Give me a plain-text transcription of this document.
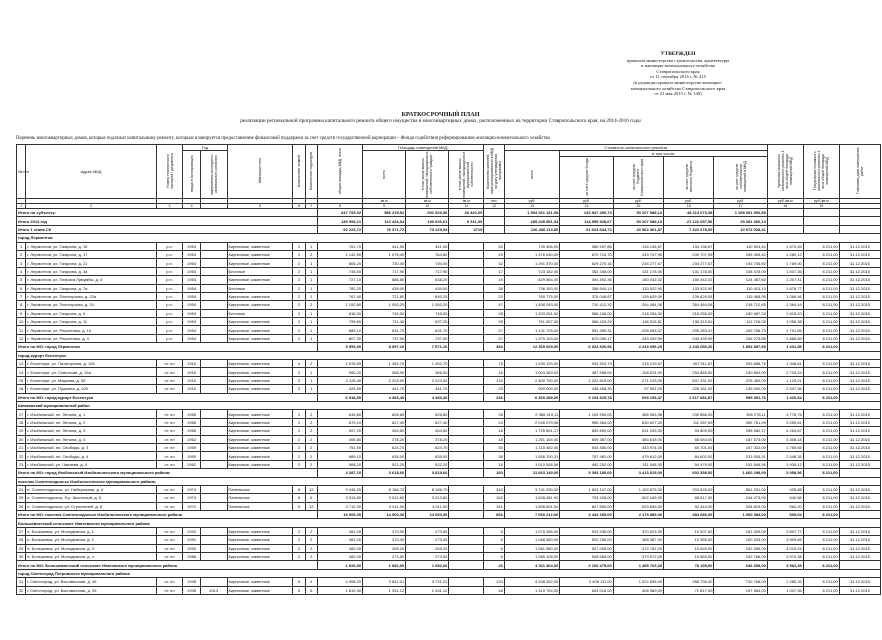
УТВЕРЖДЕН
приказом министерства строительства, архитектуры
и жилищно-коммунального хозяйства
Ставропольского края
от 11 сентября 2014 г. № 415
(в редакции приказа министерства жилищно-
коммунального хозяйства Ставропольского края
от 21 мая 2015 г. № 140)
КРАТКОСРОЧНЫЙ ПЛАН
реализации региональной программы капитального ремонта общего имущества в многоквартирных домах, расположенных на территории Ставропольского края, на 2014-2016 годы
Перечень многоквартирных домов, которые подлежат капитальному ремонту, которым планируется предоставление финансовой поддержки за счет средств государственной корпорации – Фонда содействия реформированию жилищно-коммунального хозяйства
№ п/п	Адрес МКД	Номер технического паспорта / документа	Год		Материал стен	Количество этажей	Количество подъездов	общая площадь МКД, всего	Площадь помещений МКД:			Количество жителей, зарегистрированных в МКД на дату утверждения программы	Стоимость капитального ремонта					Удельная стоимость капитального ремонта 1 кв.м общей площади помещений МКД	Предельная стоимость капитального ремонта 1 кв.м общей площади помещений МКД	Плановая дата завершения работ
			ввода в эксплуатацию	завершения последнего капитального ремонта					всего	в том числе жилых помещений, находящихся в собственности граждан	в том числе жилых помещений, находящихся в муниципальной собственности		всего	в том числе:						
														за счет средств Фонда	за счет средств бюджета Ставропольского края	за счет средств местного бюджета	за счет средств собственников помещений в МКД			
									кв.м	кв.м	кв.м	чел.	руб.	руб.	руб.	руб.	руб.	руб./кв.м	руб./кв.м	
1	2	3	4		5	6	7	8	9	10	11	12	13	14	15	16	17	18	19	
Итого по субъекту:								647 753,92	586 215,52	531 529,96	26 420,00		1 594 261 121,98	133 847 400,74	53 207 088,13	48 114 073,38	1 199 091 900,85			
Итого 2014 год								135 954,21	112 424,04	100 626,61	6 311,00		285 209 851,34	114 599 928,67	53 207 088,13	21 122 057,56	25 281 260,14			
Итого 1 этапа СК								92 223,72	76 371,72	73 129,93	3719		126 480 113,80	61 623 644,73	20 562 401,87	7 322 078,00	10 972 028,41			
город Лермонтов																				
1	г. Лермонтов, ул. Гагарина, д. 15	р.п.	1954		Кирпичные, каменные	2	1	761,70	441,90	441,90		52	739 496,00	360 297,86	134 136,87	134 136,87	110 924,40	1 673,45	8 211,00	31.12.2015
2	г. Лермонтов, ул. Гагарина, д. 17	р.п.	1954		Кирпичные, каменные	2	2	1 142,90	1 075,40	764,80		49	1 376 630,00	670 724,70	249 707,95	249 707,95	206 495,40	1 280,12	8 211,00	31.12.2015
3	г. Лермонтов, ул. Гагарина, д. 21	р.п.	1954		Кирпичные, каменные	2	1	806,20	730,00	730,00		32	1 291 370,00	629 270,16	234 277,67	234 277,67	193 735,50	1 769,00	8 211,00	31.12.2015
4	г. Лермонтов, ул. Гагарина, д. 3а	р.п.	1954		Блочные	2	1	745,50	717,90	717,90		17	723 182,00	352 348,00	131 178,00	131 178,00	108 478,00	1 007,35	8 211,00	31.12.2015
5	г. Лермонтов, ул. Патриса Лумумбы, д. 4	р.п.	1954		Кирпичные, каменные	2	1	727,10	686,80	638,20		19	829 564,00	404 492,36	150 442,02	150 442,02	124 487,60	1 207,41	8 211,00	31.12.2015
6	г. Лермонтов, ул. Гагарина, д. 7а	р.п.	1954		Блочные	2	1	782,20	439,00	439,00		38	736 153,00	358 644,14	133 522,90	133 522,90	110 413,10	1 676,77	8 211,00	31.12.2015
7	г. Лермонтов, ул. Пятигорская, д. 22а	р.п.	1954		Кирпичные, каменные	2	1	767,40	721,80	640,25		23	769 775,00	375 048,87	139 629,09	139 629,09	115 468,95	1 066,46	8 211,00	31.12.2015
8	г. Лермонтов, ул. Пятигорская, д. 24	р.п.	1954		Кирпичные, каменные	2	2	1 152,80	1 053,20	1 053,20		47	1 458 093,00	710 412,32	264 484,06	264 484,06	218 712,65	1 384,44	8 211,00	31.12.2015
9	г. Лермонтов, ул. Гагарина, д. 9	р.п.	1954		Блочные	2	1	816,00	745,00	745,00		28	1 203 251,00	586 248,00	218 256,00	218 256,00	180 487,20	1 615,10	8 211,00	31.12.2015
10	г. Лермонтов, ул. Гагарина, д. 11	р.п.	1954		Кирпичные, каменные	2	1	799,60	711,40	637,20		26	751 507,00	366 429,29	136 315,81	136 315,81	112 726,05	1 056,38	8 211,00	31.12.2015
11	г. Лермонтов, ул. Решетника, д. 10	р.п.	1954		Кирпичные, каменные	2	1	689,10	631,70	631,70		27	1 131 725,00	551 399,31	205 283,47	205 283,47	169 758,75	1 791,55	8 211,00	31.12.2015
12	г. Лермонтов, ул. Решетника, д. 4	р.п.	1954		Кирпичные, каменные	2	1	807,30	737,00	737,00		27	1 375 103,00	670 055,17	249 439,99	249 439,99	206 273,85	1 866,69	8 211,00	31.12.2015
Итого по МО: город Лермонтов								9 954,90	8 597,10	7 571,10		382	12 365 929,00	6 024 920,96	2 243 056,20	2 243 056,20	1 854 887,65	1 431,85	8 211,00	
город-курорт Ессентуки																				
13	г. Ессентуки, ул. Пятигорская, д. 128	ст. пл	1916		Кирпичные, каменные	4	2	1 978,90	1 452,70	1 452,70		75	1 939 129,00	934 524,79	215 219,67	497 511,87	293 888,76	1 348,61	8 211,00	31.12.2015
14	г. Ессентуки, ул. Советская, д. 15а	ст. пл	1916		Кирпичные, каменные	3	1	550,20	366,00	366,00		16	1 003 363,00	487 598,00	108 874,00	254 889,00	150 854,00	2 733,24	8 211,00	31.12.2015
15	г. Ессентуки, ул. Маркова, д. 55	ст. пл	1916		Кирпичные, каменные	3	1	3 125,40	2 223,00	2 223,00		132	2 509 790,00	1 222 819,00	271 133,00	637 331,00	376 460,00	1 129,01	8 211,00	31.12.2015
16	г. Ессентуки, ул. Пушкина, д. 100	ст. пл	1916		Кирпичные, каменные	3	1	425,50	441,70	441,70		23	900 000,00	438 498,30	97 951,00	228 151,00	135 000,00	2 037,36	8 211,00	31.12.2015
Итого по МО: город-курорт Ессентуки								6 518,00	4 483,40	4 483,40		246	6 369 289,00	3 103 329,78	693 195,47	1 617 881,87	955 391,76	1 420,64	8 211,00	
Шпаковский муниципальный район																				
17	г. Изобильный, пл. Ленина, д. 1	ст. пл	1956		Кирпичные, каменные	2	2	645,80	626,80	626,80		26	2 368 319,11	1 153 990,05	386 063,98	239 888,00	355 278,11	3 778,75	8 211,00	31.12.2015
18	г. Изобильный, пл. Ленина, д. 2	ст. пл	1956		Кирпичные, каменные	2	2	679,10	627,40	627,40		24	2 045 079,98	996 464,00	630 627,00	111 287,00	306 761,99	3 259,61	8 211,00	31.12.2015
19	г. Изобильный, пл. Ленина, д. 3	ст. пл	1956		Кирпичные, каменные	2	2	597,20	454,50	454,50		18	1 725 801,17	839 899,00	531 203,00	93 809,00	258 582,17	4 263,87	8 211,00	31.12.2015
20	г. Изобильный, пл. Ленина, д. 4	ст. пл	1962		Кирпичные, каменные	2	2	405,80	378,20	378,20		18	1 251 154,00	609 387,00	383 618,00	68 084,00	187 673,00	3 308,18	8 211,00	31.12.2015
21	г. Изобильный, пл. Свободы, д. 3	ст. пл	1959		Кирпичные, каменные	2	2	751,90	624,70	624,70		30	1 115 482,00	543 485,00	343 974,00	60 701,00	167 332,00	1 785,65	8 211,00	31.12.2015
22	г. Изобильный, пл. Свободы, д. 4	ст. пл	1959		Кирпичные, каменные	2	2	689,10	635,00	635,00		38	1 556 700,31	757 481,00	479 612,00	84 602,00	233 505,31	2 448,35	8 211,00	31.12.2015
23	г. Изобильный, ул. Чапаева, д. 4	ст. пл	1962		Кирпичные, каменные	2	2	568,20	522,20	522,20		16	1 010 526,56	492 252,00	311 548,00	54 979,00	151 549,56	1 935,13	8 211,00	31.12.2015
Итого по МО: город Изобильный Изобильненского муниципального района:								4 287,10	3 618,60	3 618,60		160	11 063 145,00	5 393 180,00	3 413 515,00	602 358,00	1 660 298,00	3 058,96	8 211,00	
поселок Солнечнодольск Изобильненского муниципального района:																				
24	п. Солнечнодольск, ул. Набережная, д. 6	ст. пл	1974		Панельные	5	12	9 445,20	8 186,70	8 186,70		343	3 741 930,00	1 823 147,00	1 153 875,00	203 625,00	561 291,00	435,88	8 211,00	31.12.2015
25	п. Солнечнодольск, б-р. Школьный, д. 5	ст. пл	1974		Панельные	5	6	3 513,80	3 012,60	3 012,60		162	1 628 481,00	793 428,00	502 165,00	88 617,00	244 273,00	540,56	8 211,00	31.12.2015
26	п. Солнечнодольск, ул. Строителей, д. 8	ст. пл	1972		Панельные	5	12	3 712,30	3 011,00	3 011,00		161	1 698 801,00	827 690,00	523 849,00	92 444,00	254 819,00	564,20	8 211,00	31.12.2015
Итого по МО: поселок Солнечнодольск Изобильненского муниципального района								16 909,30	14 000,30	14 000,30		666	7 069 212,00	3 444 265,00	2 179 889,00	384 686,00	1 060 383,00	505,04	8 211,00	
Большевистский сельсовет Ипатовского муниципального района																				
27	п. Большевик, ул. Молодежная, д. 1	ст. пл	1992		Кирпичные, каменные	2	2	481,00	273,90	273,90		8	1 075 356,00	523 935,00	370 623,00	19 507,00	161 309,00	3 897,77	8 211,00	31.12.2015
28	п. Большевик, ул. Молодежная, д. 2	ст. пл	1991		Кирпичные, каменные	2	2	481,00	273,40	273,40		6	1 068 960,00	520 780,00	368 387,00	19 389,00	160 333,00	3 909,66	8 211,00	31.12.2015
29	п. Большевик, ул. Молодежная, д. 3	ст. пл	1992		Кирпичные, каменные	2	2	482,00	269,20	269,20		6	1 081 980,00	527 095,00	372 781,00	19 620,00	162 289,00	4 019,24	8 211,00	31.12.2015
30	п. Большевик, ул. Молодежная, д. 4	ст. пл	1988		Кирпичные, каменные	2	2	482,00	273,50	273,50		6	1 085 108,00	528 665,00	373 972,00	19 683,00	162 766,00	3 970,38	8 211,00	31.12.2015
Итого по МО: Большевистский сельсовет Ипатовского муниципального района								1 926,00	1 082,00	1 082,00		26	4 311 404,00	2 100 475,00	1 485 763,00	78 199,00	646 658,00	3 981,39	8 211,00	
город Светлоград Петровского муниципального района																				
31	г. Светлоград, ул. Выставочная, д. 45	ст. пл	1945		Кирпичные, каменные	5	4	4 908,20	3 842,31	3 731,21		133	4 938 452,00	2 406 111,00	1 522 836,00	268 736,00	740 768,00	1 285,32	8 211,00	31.12.2015
32	г. Светлоград, ул. Выставочная, д. 26	ст. пл	1945	2013	Кирпичные, каменные	5	6	1 819,30	1 331,12	1 331,12		48	1 319 754,00	643 018,00	406 960,00	71 817,00	197 964,00	1 007,35	8 211,00	31.12.2015
